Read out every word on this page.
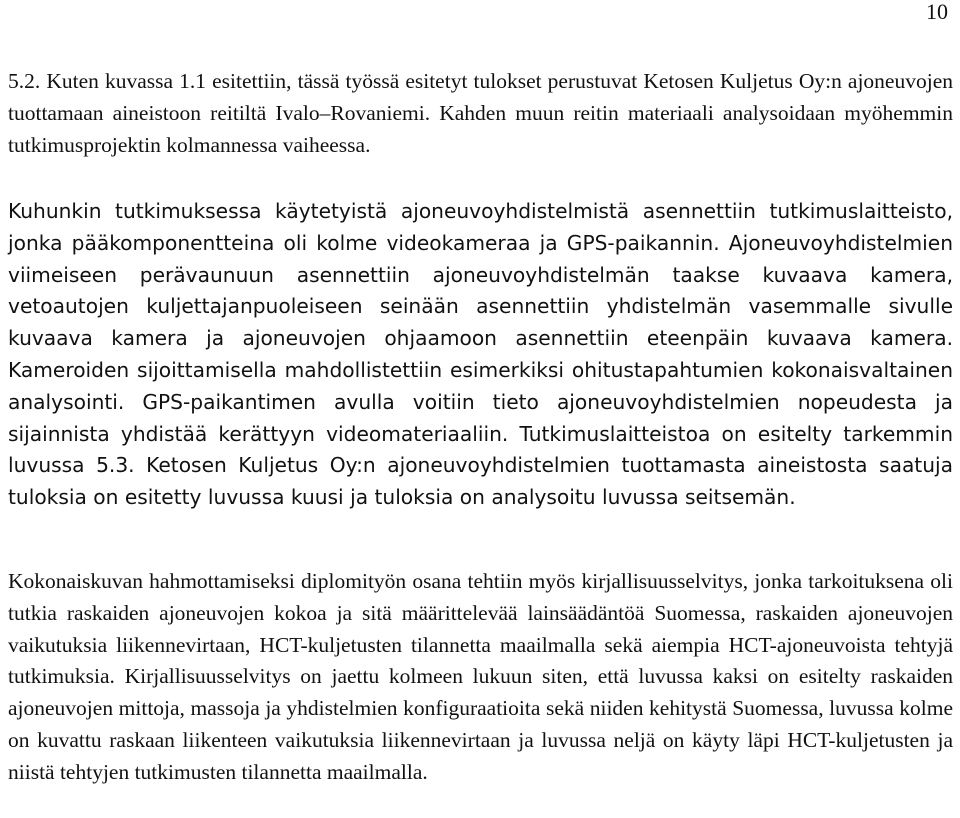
10

5.2. Kuten kuvassa 1.1 esitettiin, tässä työssä esitetyt tulokset perustuvat Ketosen Kuljetus Oy:n ajoneuvojen tuottamaan aineistoon reitiltä Ivalo–Rovaniemi. Kahden muun reitin materiaali analysoidaan myöhemmin tutkimusprojektin kolmannessa vaiheessa.

Kuhunkin tutkimuksessa käytetyistä ajoneuvoyhdistelmistä asennettiin tutkimuslaitteisto, jonka pääkomponentteina oli kolme videokameraa ja GPS-paikannin. Ajoneuvoyhdistelmien viimeiseen perävaunuun asennettiin ajoneuvoyhdistelmän taakse kuvaava kamera, vetoautojen kuljettajanpuoleiseen seinään asennettiin yhdistelmän vasemmalle sivulle kuvaava kamera ja ajoneuvojen ohjaamoon asennettiin eteenpäin kuvaava kamera. Kameroiden sijoittamisella mahdollistettiin esimerkiksi ohitustapahtumien kokonaisvaltainen analysointi. GPS-paikantimen avulla voitiin tieto ajoneuvoyhdistelmien nopeudesta ja sijainnista yhdistää kerättyyn videomateriaaliin. Tutkimuslaitteistoa on esitelty tarkemmin luvussa 5.3. Ketosen Kuljetus Oy:n ajoneuvoyhdistelmien tuottamasta aineistosta saatuja tuloksia on esitetty luvussa kuusi ja tuloksia on analysoitu luvussa seitsemän.

Kokonaiskuvan hahmottamiseksi diplomityön osana tehtiin myös kirjallisuusselvitys, jonka tarkoituksena oli tutkia raskaiden ajoneuvojen kokoa ja sitä määrittelevää lainsäädäntöä Suomessa, raskaiden ajoneuvojen vaikutuksia liikennevirtaan, HCT-kuljetusten tilannetta maailmalla sekä aiempia HCT-ajoneuvoista tehtyjä tutkimuksia. Kirjallisuusselvitys on jaettu kolmeen lukuun siten, että luvussa kaksi on esitelty raskaiden ajoneuvojen mittoja, massoja ja yhdistelmien konfiguraatioita sekä niiden kehitystä Suomessa, luvussa kolme on kuvattu raskaan liikenteen vaikutuksia liikennevirtaan ja luvussa neljä on käyty läpi HCT-kuljetusten ja niistä tehtyjen tutkimusten tilannetta maailmalla.
